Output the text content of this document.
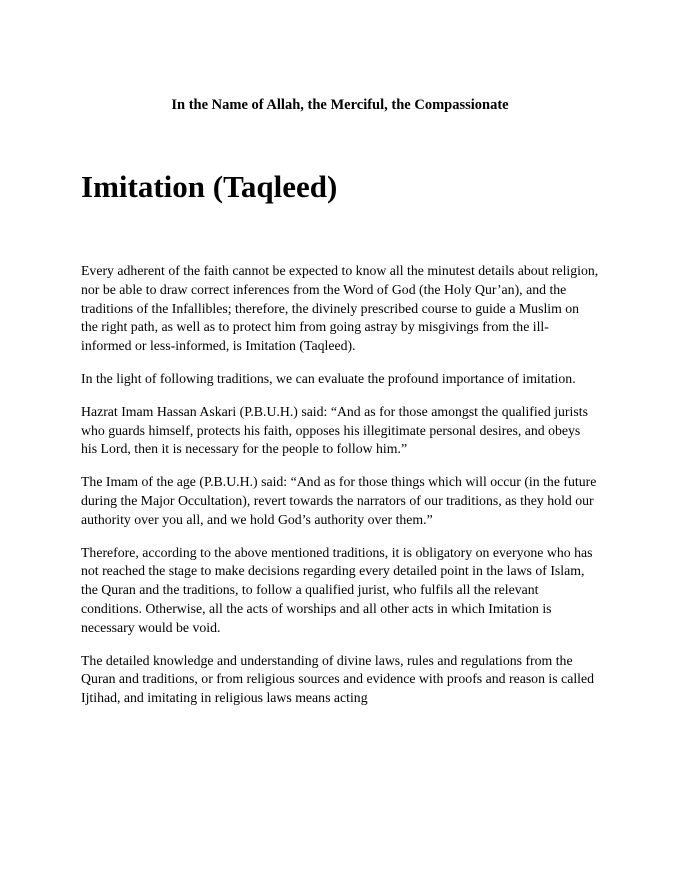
In the Name of Allah, the Merciful, the Compassionate

Imitation (Taqleed)

Every adherent of the faith cannot be expected to know all the minutest details about religion, nor be able to draw correct inferences from the Word of God (the Holy Qur’an), and the traditions of the Infallibles; therefore, the divinely prescribed course to guide a Muslim on the right path, as well as to protect him from going astray by misgivings from the ill-informed or less-informed, is Imitation (Taqleed).

In the light of following traditions, we can evaluate the profound importance of imitation.

Hazrat Imam Hassan Askari (P.B.U.H.) said: “And as for those amongst the qualified jurists who guards himself, protects his faith, opposes his illegitimate personal desires, and obeys his Lord, then it is necessary for the people to follow him.”

The Imam of the age (P.B.U.H.) said: “And as for those things which will occur (in the future during the Major Occultation), revert towards the narrators of our traditions, as they hold our authority over you all, and we hold God’s authority over them.”

Therefore, according to the above mentioned traditions, it is obligatory on everyone who has not reached the stage to make decisions regarding every detailed point in the laws of Islam, the Quran and the traditions, to follow a qualified jurist, who fulfils all the relevant conditions. Otherwise, all the acts of worships and all other acts in which Imitation is necessary would be void.

The detailed knowledge and understanding of divine laws, rules and regulations from the Quran and traditions, or from religious sources and evidence with proofs and reason is called Ijtihad, and imitating in religious laws means acting
